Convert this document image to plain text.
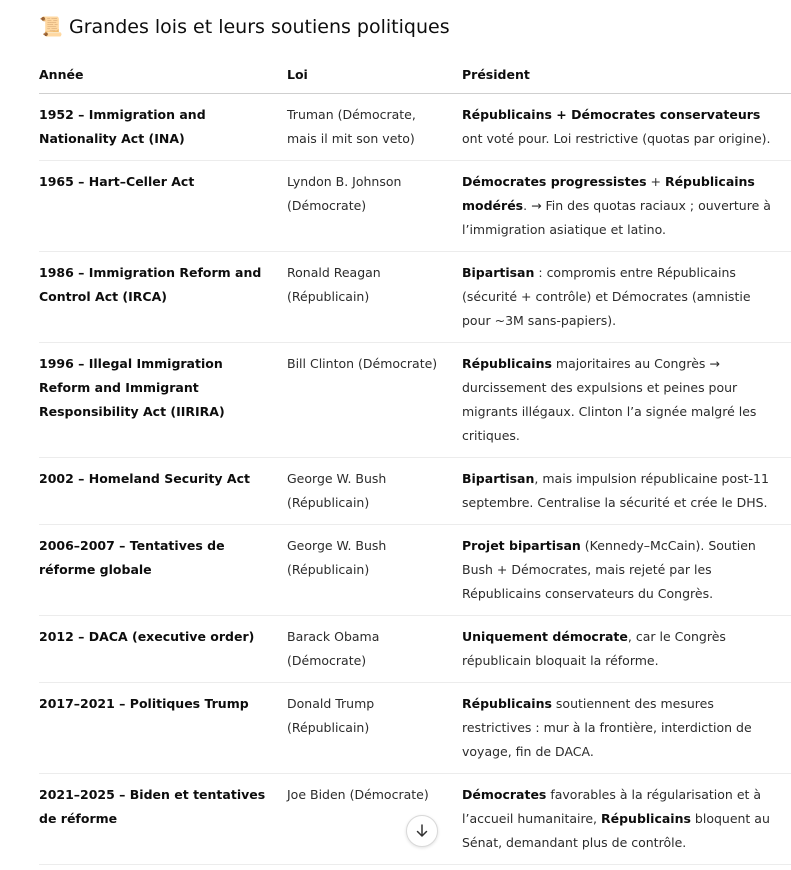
📜 Grandes lois et leurs soutiens politiques
Année	Loi	Président
1952 – Immigration and Nationality Act (INA)	Truman (Démocrate, mais il mit son veto)	Républicains + Démocrates conservateurs ont voté pour. Loi restrictive (quotas par origine).
1965 – Hart–Celler Act	Lyndon B. Johnson (Démocrate)	Démocrates progressistes + Républicains modérés. → Fin des quotas raciaux ; ouverture à l’immigration asiatique et latino.
1986 – Immigration Reform and Control Act (IRCA)	Ronald Reagan (Républicain)	Bipartisan : compromis entre Républicains (sécurité + contrôle) et Démocrates (amnistie pour ~3M sans-papiers).
1996 – Illegal Immigration Reform and Immigrant Responsibility Act (IIRIRA)	Bill Clinton (Démocrate)	Républicains majoritaires au Congrès → durcissement des expulsions et peines pour migrants illégaux. Clinton l’a signée malgré les critiques.
2002 – Homeland Security Act	George W. Bush (Républicain)	Bipartisan, mais impulsion républicaine post-11 septembre. Centralise la sécurité et crée le DHS.
2006–2007 – Tentatives de réforme globale	George W. Bush (Républicain)	Projet bipartisan (Kennedy–McCain). Soutien Bush + Démocrates, mais rejeté par les Républicains conservateurs du Congrès.
2012 – DACA (executive order)	Barack Obama (Démocrate)	Uniquement démocrate, car le Congrès républicain bloquait la réforme.
2017–2021 – Politiques Trump	Donald Trump (Républicain)	Républicains soutiennent des mesures restrictives : mur à la frontière, interdiction de voyage, fin de DACA.
2021–2025 – Biden et tentatives de réforme	Joe Biden (Démocrate)	Démocrates favorables à la régularisation et à l’accueil humanitaire, Républicains bloquent au Sénat, demandant plus de contrôle.
